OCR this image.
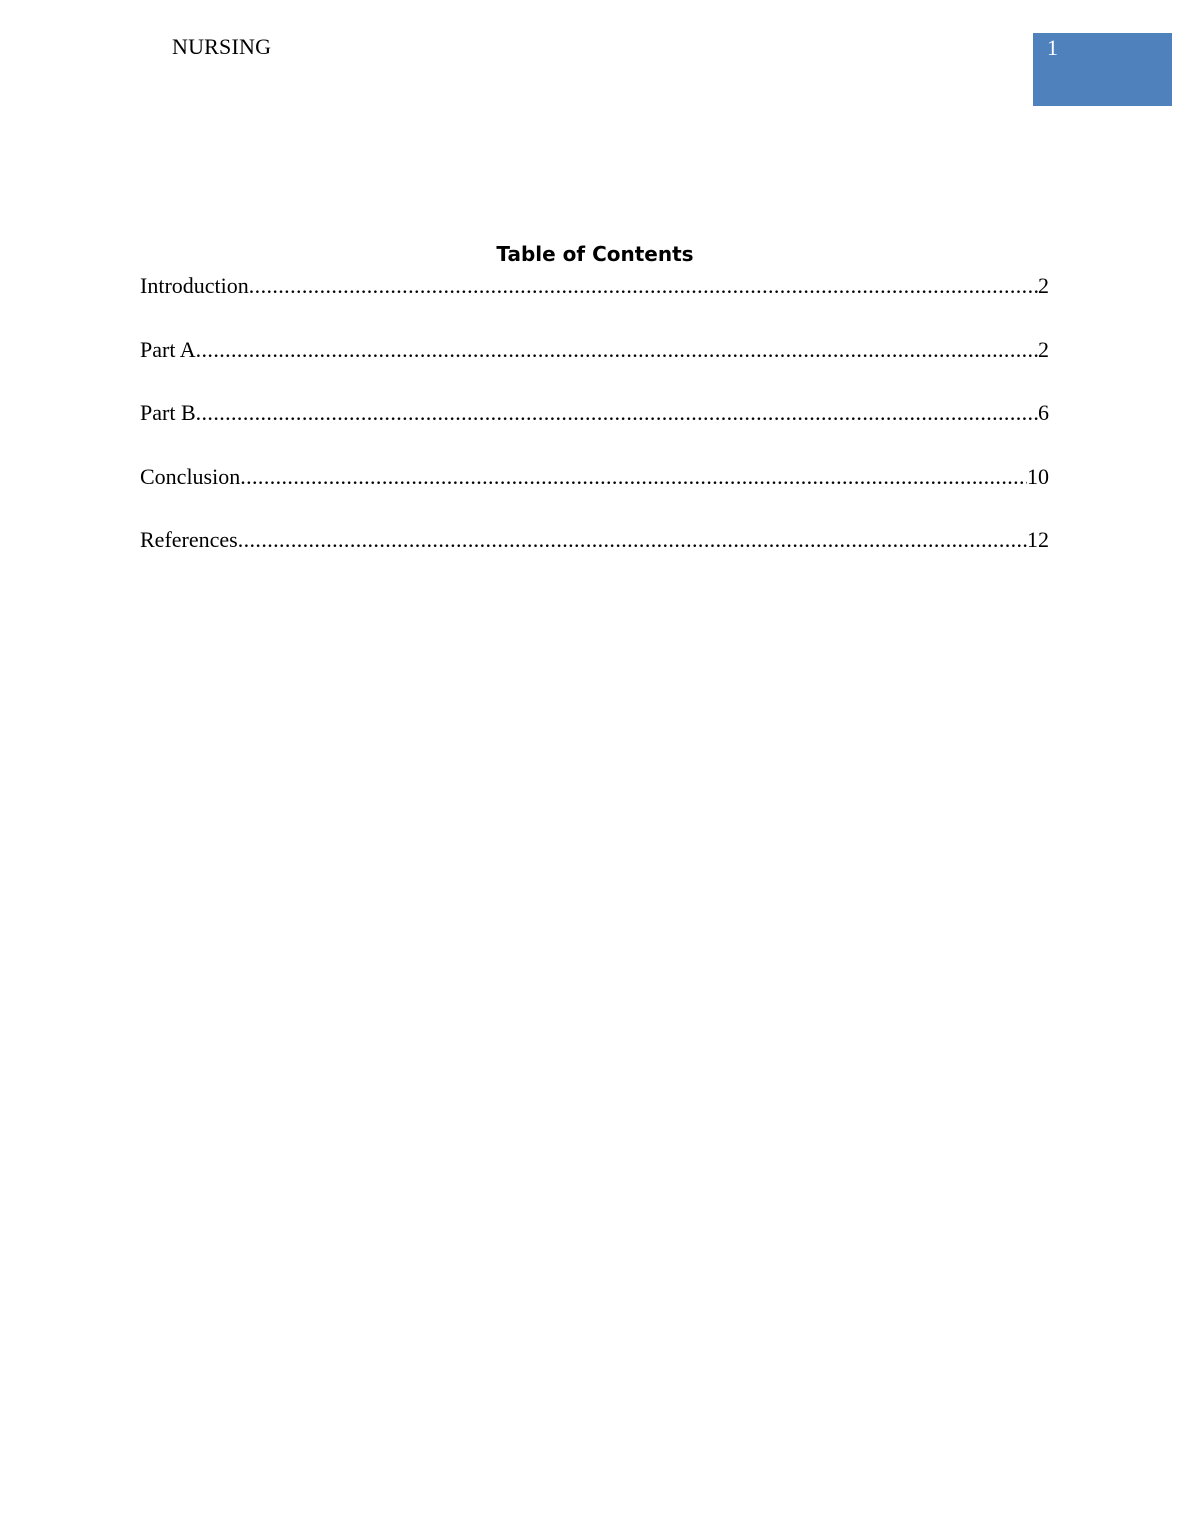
NURSING	1
Table of Contents
Introduction .....	2
Part A .....	2
Part B .....	6
Conclusion .....	10
References .....	12
